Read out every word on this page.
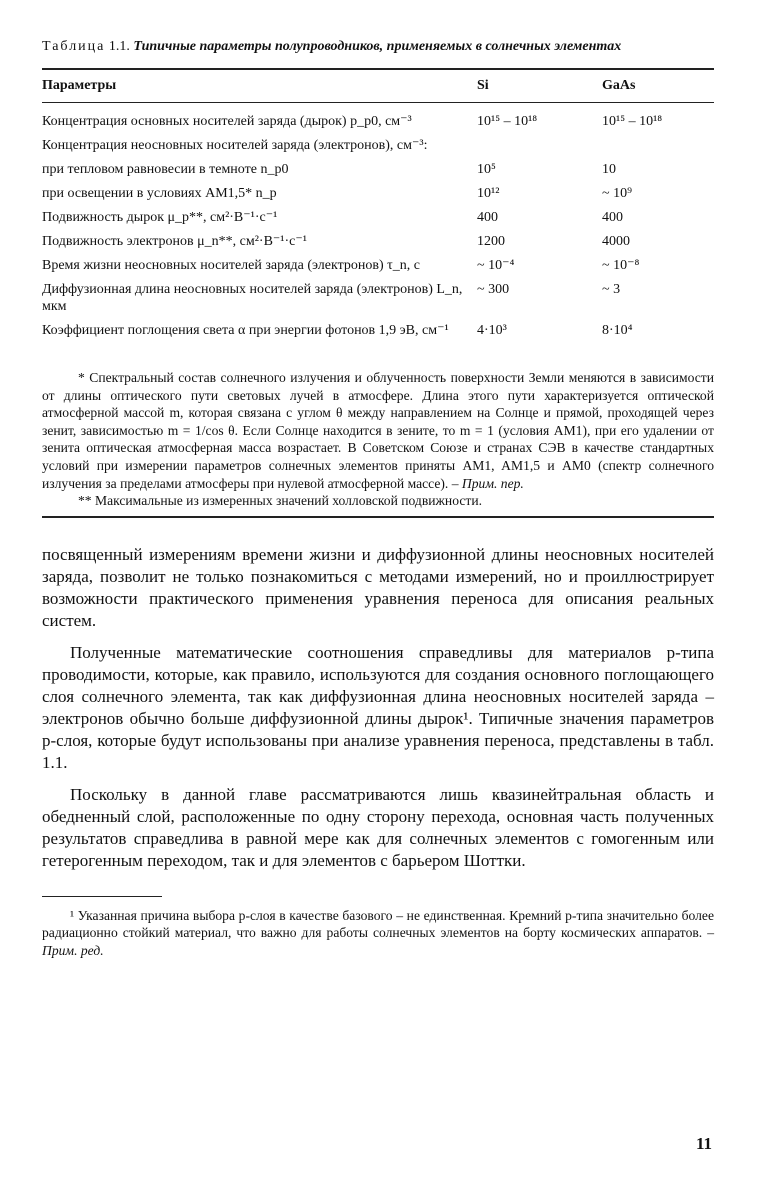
Таблица 1.1. Типичные параметры полупроводников, применяемых в солнечных элементах
Параметры	Si	GaAs
Концентрация основных носителей заряда (дырок) p_p0, см⁻³	10¹⁵ – 10¹⁸	10¹⁵ – 10¹⁸
Концентрация неосновных носителей заряда (электронов), см⁻³:		
при тепловом равновесии в темноте n_p0	10⁵	10
при освещении в условиях AM1,5* n_p	10¹²	~ 10⁹
Подвижность дырок μ_p**, см²·В⁻¹·с⁻¹	400	400
Подвижность электронов μ_n**, см²·В⁻¹·с⁻¹	1200	4000
Время жизни неосновных носителей заряда (электронов) τ_n, с	~ 10⁻⁴	~ 10⁻⁸
Диффузионная длина неосновных носителей заряда (электронов) L_n, мкм	~ 300	~ 3
Коэффициент поглощения света α при энергии фотонов 1,9 эВ, см⁻¹	4·10³	8·10⁴

* Спектральный состав солнечного излучения и облученность поверхности Земли меняются в зависимости от длины оптического пути световых лучей в атмосфере. Длина этого пути характеризуется оптической атмосферной массой m, которая связана с углом θ между направлением на Солнце и прямой, проходящей через зенит, зависимостью m = 1/cos θ. Если Солнце находится в зените, то m = 1 (условия AM1), при его удалении от зенита оптическая атмосферная масса возрастает. В Советском Союзе и странах СЭВ в качестве стандартных условий при измерении параметров солнечных элементов приняты AM1, AM1,5 и AM0 (спектр солнечного излучения за пределами атмосферы при нулевой атмосферной массе). – Прим. пер.

** Максимальные из измеренных значений холловской подвижности.

посвященный измерениям времени жизни и диффузионной длины неосновных носителей заряда, позволит не только познакомиться с методами измерений, но и проиллюстрирует возможности практического применения уравнения переноса для описания реальных систем.

Полученные математические соотношения справедливы для материалов p-типа проводимости, которые, как правило, используются для создания основного поглощающего слоя солнечного элемента, так как диффузионная длина неосновных носителей заряда – электронов обычно больше диффузионной длины дырок¹. Типичные значения параметров p-слоя, которые будут использованы при анализе уравнения переноса, представлены в табл. 1.1.

Поскольку в данной главе рассматриваются лишь квазинейтральная область и обедненный слой, расположенные по одну сторону перехода, основная часть полученных результатов справедлива в равной мере как для солнечных элементов с гомогенным или гетерогенным переходом, так и для элементов с барьером Шоттки.

¹ Указанная причина выбора p-слоя в качестве базового – не единственная. Кремний p-типа значительно более радиационно стойкий материал, что важно для работы солнечных элементов на борту космических аппаратов. – Прим. ред.

11
